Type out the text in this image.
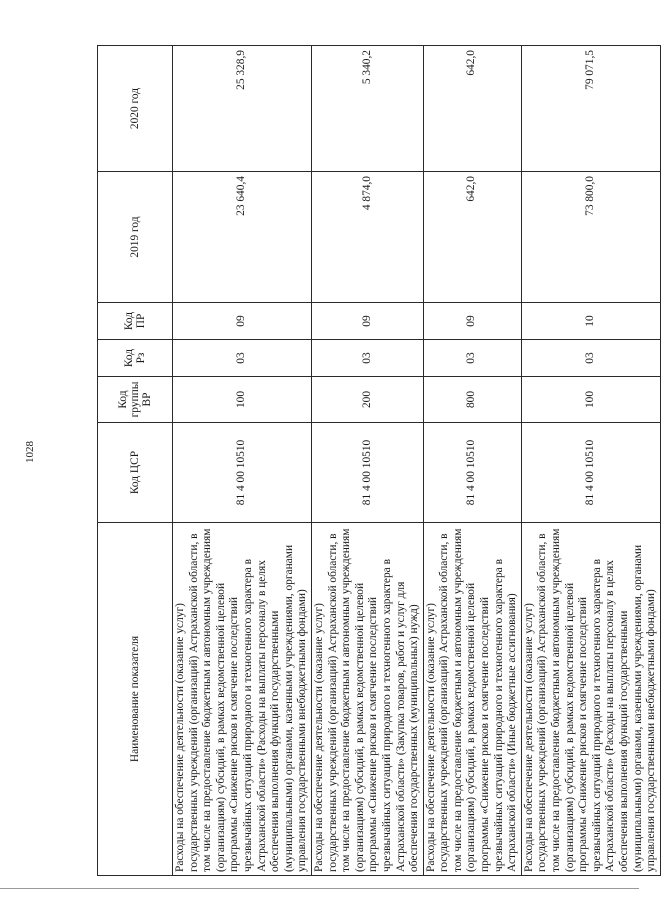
1028
Наименование показателя	Код ЦСР	Код группы ВР	Код Рз	Код ПР	2019 год	2020 год
Расходы на обеспечение деятельности (оказание услуг) государственных учреждений (организаций) Астраханской области, в том числе на предоставление бюджетным и автономным учреждениям (организациям) субсидий, в рамках ведомственной целевой программы «Снижение рисков и смягчение последствий чрезвычайных ситуаций природного и техногенного характера в Астраханской области» (Расходы на выплаты персоналу в целях обеспечения выполнения функций государственными (муниципальными) органами, казенными учреждениями, органами управления государственными внебюджетными фондами)	81 4 00 10510	100	03	09	23 640,4	25 328,9
Расходы на обеспечение деятельности (оказание услуг) государственных учреждений (организаций) Астраханской области, в том числе на предоставление бюджетным и автономным учреждениям (организациям) субсидий, в рамках ведомственной целевой программы «Снижение рисков и смягчение последствий чрезвычайных ситуаций природного и техногенного характера в Астраханской области» (Закупка товаров, работ и услуг для обеспечения государственных (муниципальных) нужд)	81 4 00 10510	200	03	09	4 874,0	5 340,2
Расходы на обеспечение деятельности (оказание услуг) государственных учреждений (организаций) Астраханской области, в том числе на предоставление бюджетным и автономным учреждениям (организациям) субсидий, в рамках ведомственной целевой программы «Снижение рисков и смягчение последствий чрезвычайных ситуаций природного и техногенного характера в Астраханской области» (Иные бюджетные ассигнования)	81 4 00 10510	800	03	09	642,0	642,0
Расходы на обеспечение деятельности (оказание услуг) государственных учреждений (организаций) Астраханской области, в том числе на предоставление бюджетным и автономным учреждениям (организациям) субсидий, в рамках ведомственной целевой программы «Снижение рисков и смягчение последствий чрезвычайных ситуаций природного и техногенного характера в Астраханской области» (Расходы на выплаты персоналу в целях обеспечения выполнения функций государственными (муниципальными) органами, казенными учреждениями, органами управления государственными внебюджетными фондами)	81 4 00 10510	100	03	10	73 800,0	79 071,5
